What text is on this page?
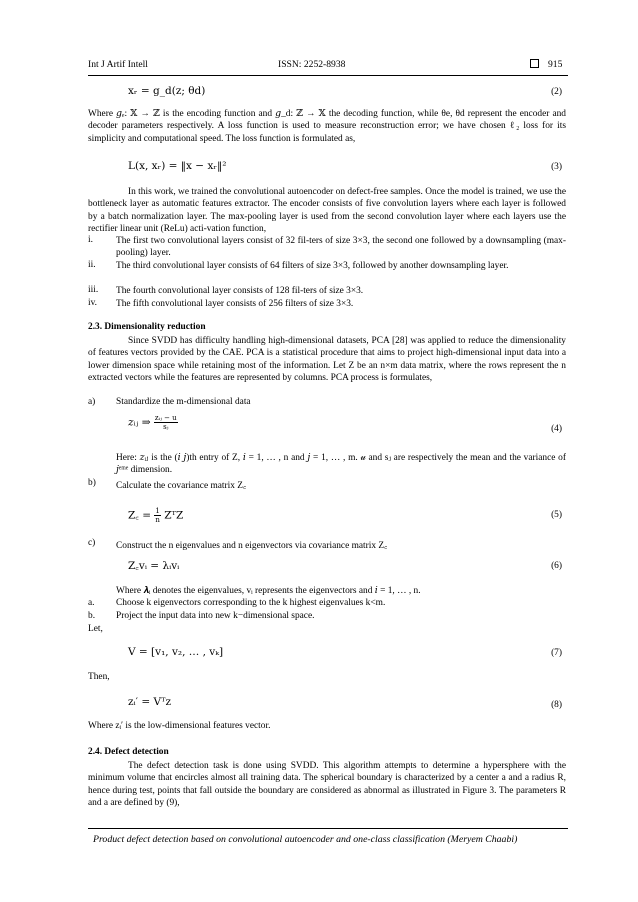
Int J Artif Intell	ISSN: 2252-8938	915
xᵣ = g_d(z; θd)	(2)
Where 𝑔ₑ: 𝕏 → ℤ is the encoding function and 𝑔_d: ℤ → 𝕏 the decoding function, while θe, θd represent the encoder and decoder parameters respectively. A loss function is used to measure reconstruction error; we have chosen ℓ₂ loss for its simplicity and computational speed. The loss function is formulated as,
L(x, xᵣ) = ‖x − xᵣ‖²	(3)
In this work, we trained the convolutional autoencoder on defect-free samples. Once the model is trained, we use the bottleneck layer as automatic features extractor. The encoder consists of five convolution layers where each layer is followed by a batch normalization layer. The max-pooling layer is used from the second convolution layer where each layers use the rectifier linear unit (ReLu) acti-vation function,
i. The first two convolutional layers consist of 32 fil-ters of size 3×3, the second one followed by a downsampling (max-pooling) layer.
ii. The third convolutional layer consists of 64 filters of size 3×3, followed by another downsampling layer.
iii. The fourth convolutional layer consists of 128 fil-ters of size 3×3.
iv. The fifth convolutional layer consists of 256 filters of size 3×3.
2.3. Dimensionality reduction
Since SVDD has difficulty handling high-dimensional datasets, PCA [28] was applied to reduce the dimensionality of features vectors provided by the CAE. PCA is a statistical procedure that aims to project high-dimensional input data into a lower dimension space while retaining most of the information. Let Z be an n×m data matrix, where the rows represent the n extracted vectors while the features are represented by columns. PCA process is formulates,
a) Standardize the m-dimensional data
𝑧ᵢⱼ ⇒ $\frac{\text{zᵢⱼ − u}}{\text{sⱼ}}$	(4)
Here: 𝑧ᵢⱼ is the (𝑖 𝑗)th entry of Z, 𝑖 = 1, … , n and 𝑗 = 1, … , m. 𝓊 and sⱼ are respectively the mean and the variance of 𝑗ᵉᵐᵉ dimension.
b) Calculate the covariance matrix Z꜀
Z꜀ = $\frac{1}{n}$ ZᵀZ	(5)
c) Construct the n eigenvalues and n eigenvectors via covariance matrix Z꜀
Z꜀vᵢ = λᵢvᵢ	(6)
Where 𝝀ᵢ denotes the eigenvalues, vᵢ represents the eigenvectors and 𝑖 = 1, … , n.
a. Choose k eigenvectors corresponding to the k highest eigenvalues k<m.
b. Project the input data into new k−dimensional space.
Let,
V = [v₁, v₂, … , vₖ]	(7)
Then,
zᵢ′ = Vᵀz	(8)
Where zᵢ′ is the low-dimensional features vector.
2.4. Defect detection
The defect detection task is done using SVDD. This algorithm attempts to determine a hypersphere with the minimum volume that encircles almost all training data. The spherical boundary is characterized by a center a and a radius R, hence during test, points that fall outside the boundary are considered as abnormal as illustrated in Figure 3. The parameters R and a are defined by (9),
Product defect detection based on convolutional autoencoder and one-class classification (Meryem Chaabi)
